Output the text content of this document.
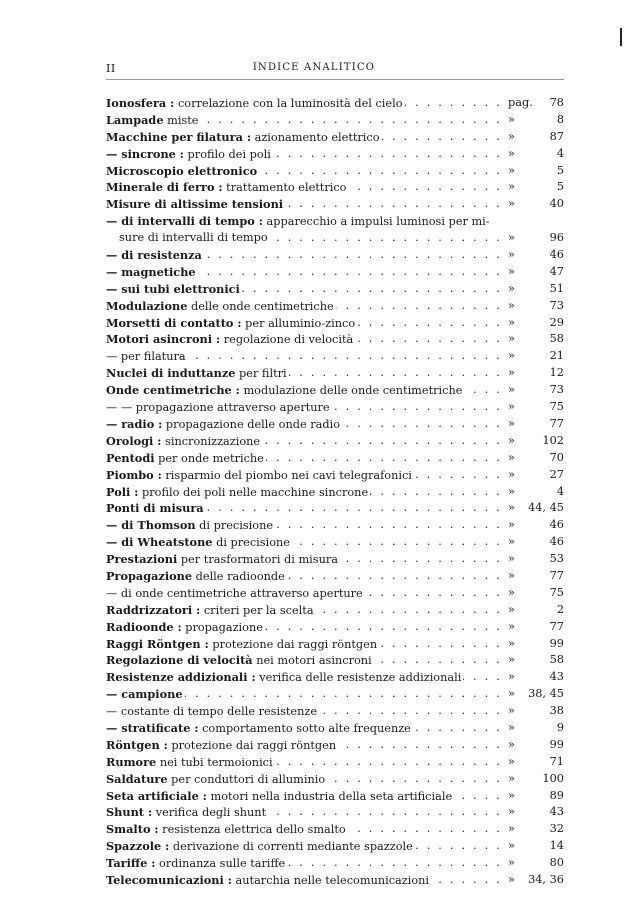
II	INDICE ANALITICO
Ionosfera : correlazione con la luminosità del cielo . . .	pag. 78
Lampade miste . . .	»	8
Macchine per filatura : azionamento elettrico . . .	»	87
— sincrone : profilo dei poli . . .	»	4
Microscopio elettronico . . .	»	5
Minerale di ferro : trattamento elettrico . . .	»	5
Misure di altissime tensioni . . .	»	40
— di intervalli di tempo : apparecchio a impulsi luminosi per mi-
sure di intervalli di tempo . . .	»	96
— di resistenza . . .	»	46
— magnetiche . . .	»	47
— sui tubi elettronici . . .	»	51
Modulazione delle onde centimetriche . . .	»	73
Morsetti di contatto : per alluminio-zinco . . .	»	29
Motori asincroni : regolazione di velocità . . .	»	58
— per filatura . . .	»	21
Nuclei di induttanze per filtri . . .	»	12
Onde centimetriche : modulazione delle onde centimetriche . . .	»	73
— — propagazione attraverso aperture . . .	»	75
— radio : propagazione delle onde radio . . .	»	77
Orologi : sincronizzazione . . .	» 102
Pentodi per onde metriche . . .	»	70
Piombo : risparmio del piombo nei cavi telegrafonici . . .	»	27
Poli : profilo dei poli nelle macchine sincrone . . .	»	4
Ponti di misura . . .	» 44, 45
— di Thomson di precisione . . .	»	46
— di Wheatstone di precisione . . .	»	46
Prestazioni per trasformatori di misura . . .	»	53
Propagazione delle radioonde . . .	»	77
— di onde centimetriche attraverso aperture . . .	»	75
Raddrizzatori : criteri per la scelta . . .	»	2
Radioonde : propagazione . . .	»	77
Raggi Röntgen : protezione dai raggi röntgen . . .	»	99
Regolazione di velocità nei motori asincroni . . .	»	58
Resistenze addizionali : verifica delle resistenze addizionali . . .	»	43
— campione . . .	» 38, 45
— costante di tempo delle resistenze . . .	»	38
— stratificate : comportamento sotto alte frequenze . . .	»	9
Röntgen : protezione dai raggi röntgen . . .	»	99
Rumore nei tubi termoionici . . .	»	71
Saldature per conduttori di alluminio . . .	» 100
Seta artificiale : motori nella industria della seta artificiale . . .	»	89
Shunt : verifica degli shunt . . .	»	43
Smalto : resistenza elettrica dello smalto . . .	»	32
Spazzole : derivazione di correnti mediante spazzole . . .	»	14
Tariffe : ordinanza sulle tariffe . . .	»	80
Telecomunicazioni : autarchia nelle telecomunicazioni . . .	» 34, 36
